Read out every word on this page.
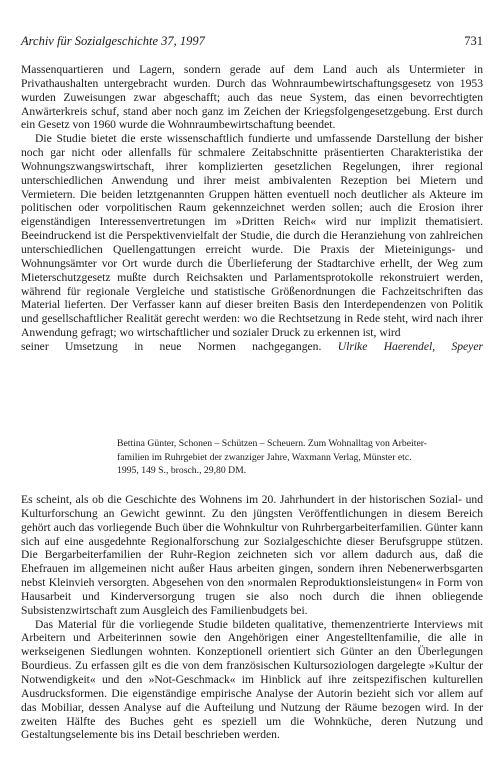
Archiv für Sozialgeschichte 37, 1997	731

Massenquartieren und Lagern, sondern gerade auf dem Land auch als Untermieter in Privathaushalten untergebracht wurden. Durch das Wohnraumbewirtschaftungsgesetz von 1953 wurden Zuweisungen zwar abgeschafft; auch das neue System, das einen bevorrechtigten Anwärterkreis schuf, stand aber noch ganz im Zeichen der Kriegsfolgengesetzgebung. Erst durch ein Gesetz von 1960 wurde die Wohnraumbewirtschaftung beendet.

Die Studie bietet die erste wissenschaftlich fundierte und umfassende Darstellung der bisher noch gar nicht oder allenfalls für schmalere Zeitabschnitte präsentierten Charakteristika der Wohnungszwangswirtschaft, ihrer komplizierten gesetzlichen Regelungen, ihrer regional unterschiedlichen Anwendung und ihrer meist ambivalenten Rezeption bei Mietern und Vermietern. Die beiden letztgenannten Gruppen hätten eventuell noch deutlicher als Akteure im politischen oder vorpolitischen Raum gekennzeichnet werden sollen; auch die Erosion ihrer eigenständigen Interessenvertretungen im »Dritten Reich« wird nur implizit thematisiert. Beeindruckend ist die Perspektivenvielfalt der Studie, die durch die Heranziehung von zahlreichen unterschiedlichen Quellengattungen erreicht wurde. Die Praxis der Mieteinigungs- und Wohnungsämter vor Ort wurde durch die Überlieferung der Stadtarchive erhellt, der Weg zum Mieterschutzgesetz mußte durch Reichsakten und Parlamentsprotokolle rekonstruiert werden, während für regionale Vergleiche und statistische Größenordnungen die Fachzeitschriften das Material lieferten. Der Verfasser kann auf dieser breiten Basis den Interdependenzen von Politik und gesellschaftlicher Realität gerecht werden: wo die Rechtsetzung in Rede steht, wird nach ihrer Anwendung gefragt; wo wirtschaftlicher und sozialer Druck zu erkennen ist, wird

seiner Umsetzung in neue Normen nachgegangen. Ulrike Haerendel, Speyer

Bettina Günter, Schonen – Schützen – Scheuern. Zum Wohnalltag von Arbeiter-

familien im Ruhrgebiet der zwanziger Jahre, Waxmann Verlag, Münster etc.

1995, 149 S., brosch., 29,80 DM.

Es scheint, als ob die Geschichte des Wohnens im 20. Jahrhundert in der historischen Sozial- und Kulturforschung an Gewicht gewinnt. Zu den jüngsten Veröffentlichungen in diesem Bereich gehört auch das vorliegende Buch über die Wohnkultur von Ruhrbergarbeiterfamilien. Günter kann sich auf eine ausgedehnte Regionalforschung zur Sozialgeschichte dieser Berufsgruppe stützen. Die Bergarbeiterfamilien der Ruhr-Region zeichneten sich vor allem dadurch aus, daß die Ehefrauen im allgemeinen nicht außer Haus arbeiten gingen, sondern ihren Nebenerwerbsgarten nebst Kleinvieh versorgten. Abgesehen von den »normalen Reproduktionsleistungen« in Form von Hausarbeit und Kinderversorgung trugen sie also noch durch die ihnen obliegende Subsistenzwirtschaft zum Ausgleich des Familienbudgets bei.

Das Material für die vorliegende Studie bildeten qualitative, themenzentrierte Interviews mit Arbeitern und Arbeiterinnen sowie den Angehörigen einer Angestelltenfamilie, die alle in werkseigenen Siedlungen wohnten. Konzeptionell orientiert sich Günter an den Überlegungen Bourdieus. Zu erfassen gilt es die von dem französischen Kultursoziologen dargelegte »Kultur der Notwendigkeit« und den »Not-Geschmack« im Hinblick auf ihre zeitspezifischen kulturellen Ausdrucksformen. Die eigenständige empirische Analyse der Autorin bezieht sich vor allem auf das Mobiliar, dessen Analyse auf die Aufteilung und Nutzung der Räume bezogen wird. In der zweiten Hälfte des Buches geht es speziell um die Wohnküche, deren Nutzung und Gestaltungselemente bis ins Detail beschrieben werden.
